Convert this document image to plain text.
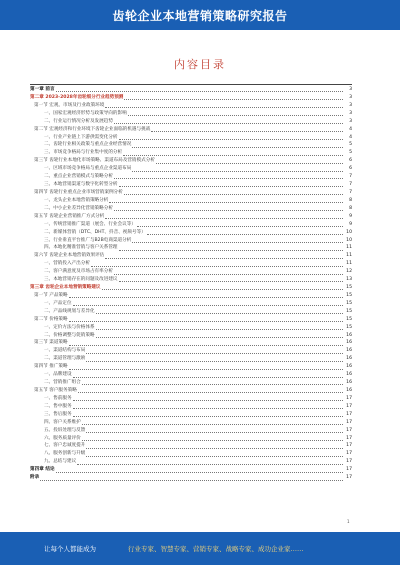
齿轮企业本地营销策略研究报告
内容目录
第一章 前言	3
第二章 2023-2028年齿轮细分行业趋势预测	3
第一节 宏观、市场及行业政策环境	3
一、国家宏观经济形势与政策导向的影响	3
二、行业运行情况分析及发展趋势	3
第二节 宏观经济和行业环境下齿轮企业面临的机遇与挑战	4
一、行业产业链上下游供需变化分析	4
二、齿轮行业相关政策与重点企业经营情况	5
三、市场竞争格局与行业集中度的分析	5
第三节 齿轮行业本地化市场策略、渠道布局及营销模式分析	6
一、区域市场竞争格局与重点企业渠道布局	6
二、重点企业营销模式与策略分析	7
三、本地营销渠道与数字化转型分析	7
第四节 齿轮行业重点企业市场营销案例分析	7
一、龙头企业本地营销策略分析	8
二、中小企业差异化营销策略分析	8
第五节 齿轮企业营销推广方式分析	9
一、传统营销推广渠道（展会、行业会议等）	9
二、新媒体营销（DTC、DHT、抖音、视频号等）	10
三、行业垂直平台推广与B2B电商渠道分析	10
四、本地化精准营销与客户关系管理	11
第六节 齿轮企业本地营销效果评估	11
一、营销投入产出分析	11
二、客户满意度及市场占有率分析	12
三、本地营销存在的问题及改进建议	13
第三章 齿轮企业本地营销策略建议	15
第一节 产品策略	15
一、产品定位	15
二、产品线规划与差异化	15
第二节 价格策略	15
一、定价方法与价格体系	15
二、价格调整与促销策略	16
第三节 渠道策略	16
一、渠道结构与布局	16
二、渠道管理与激励	16
第四节 推广策略	16
一、品牌建设	16
二、营销推广组合	16
第五节 客户服务策略	16
一、售前服务	17
二、售中服务	17
三、售后服务	17
四、客户关系维护	17
五、投诉处理与反馈	17
六、服务质量评价	17
七、客户忠诚度提升	17
八、服务创新与升级	17
九、总结与建议	17
第四章 结论	17
附录	17
1
让每个人都能成为	行业专家、智慧专家、营销专家、战略专家、成功企业家……
